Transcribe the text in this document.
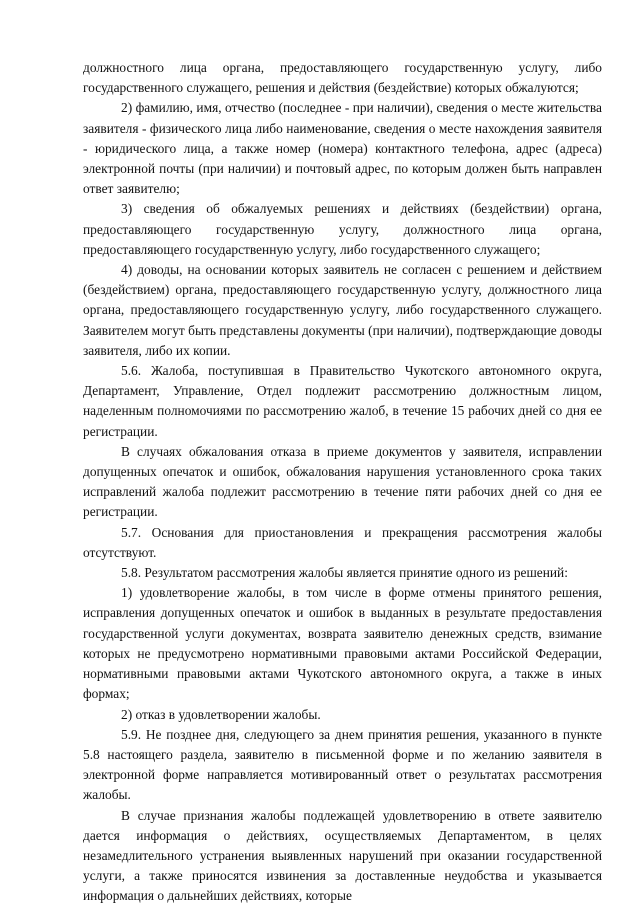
должностного лица органа, предоставляющего государственную услугу, либо государственного служащего, решения и действия (бездействие) которых обжалуются;

2) фамилию, имя, отчество (последнее - при наличии), сведения о месте жительства заявителя - физического лица либо наименование, сведения о месте нахождения заявителя - юридического лица, а также номер (номера) контактного телефона, адрес (адреса) электронной почты (при наличии) и почтовый адрес, по которым должен быть направлен ответ заявителю;

3) сведения об обжалуемых решениях и действиях (бездействии) органа, предоставляющего государственную услугу, должностного лица органа, предоставляющего государственную услугу, либо государственного служащего;

4) доводы, на основании которых заявитель не согласен с решением и действием (бездействием) органа, предоставляющего государственную услугу, должностного лица органа, предоставляющего государственную услугу, либо государственного служащего. Заявителем могут быть представлены документы (при наличии), подтверждающие доводы заявителя, либо их копии.

5.6. Жалоба, поступившая в Правительство Чукотского автономного округа, Департамент, Управление, Отдел подлежит рассмотрению должностным лицом, наделенным полномочиями по рассмотрению жалоб, в течение 15 рабочих дней со дня ее регистрации.

В случаях обжалования отказа в приеме документов у заявителя, исправлении допущенных опечаток и ошибок, обжалования нарушения установленного срока таких исправлений жалоба подлежит рассмотрению в течение пяти рабочих дней со дня ее регистрации.

5.7. Основания для приостановления и прекращения рассмотрения жалобы отсутствуют.

5.8. Результатом рассмотрения жалобы является принятие одного из решений:

1) удовлетворение жалобы, в том числе в форме отмены принятого решения, исправления допущенных опечаток и ошибок в выданных в результате предоставления государственной услуги документах, возврата заявителю денежных средств, взимание которых не предусмотрено нормативными правовыми актами Российской Федерации, нормативными правовыми актами Чукотского автономного округа, а также в иных формах;

2) отказ в удовлетворении жалобы.

5.9. Не позднее дня, следующего за днем принятия решения, указанного в пункте 5.8 настоящего раздела, заявителю в письменной форме и по желанию заявителя в электронной форме направляется мотивированный ответ о результатах рассмотрения жалобы.

В случае признания жалобы подлежащей удовлетворению в ответе заявителю дается информация о действиях, осуществляемых Департаментом, в целях незамедлительного устранения выявленных нарушений при оказании государственной услуги, а также приносятся извинения за доставленные неудобства и указывается информация о дальнейших действиях, которые
